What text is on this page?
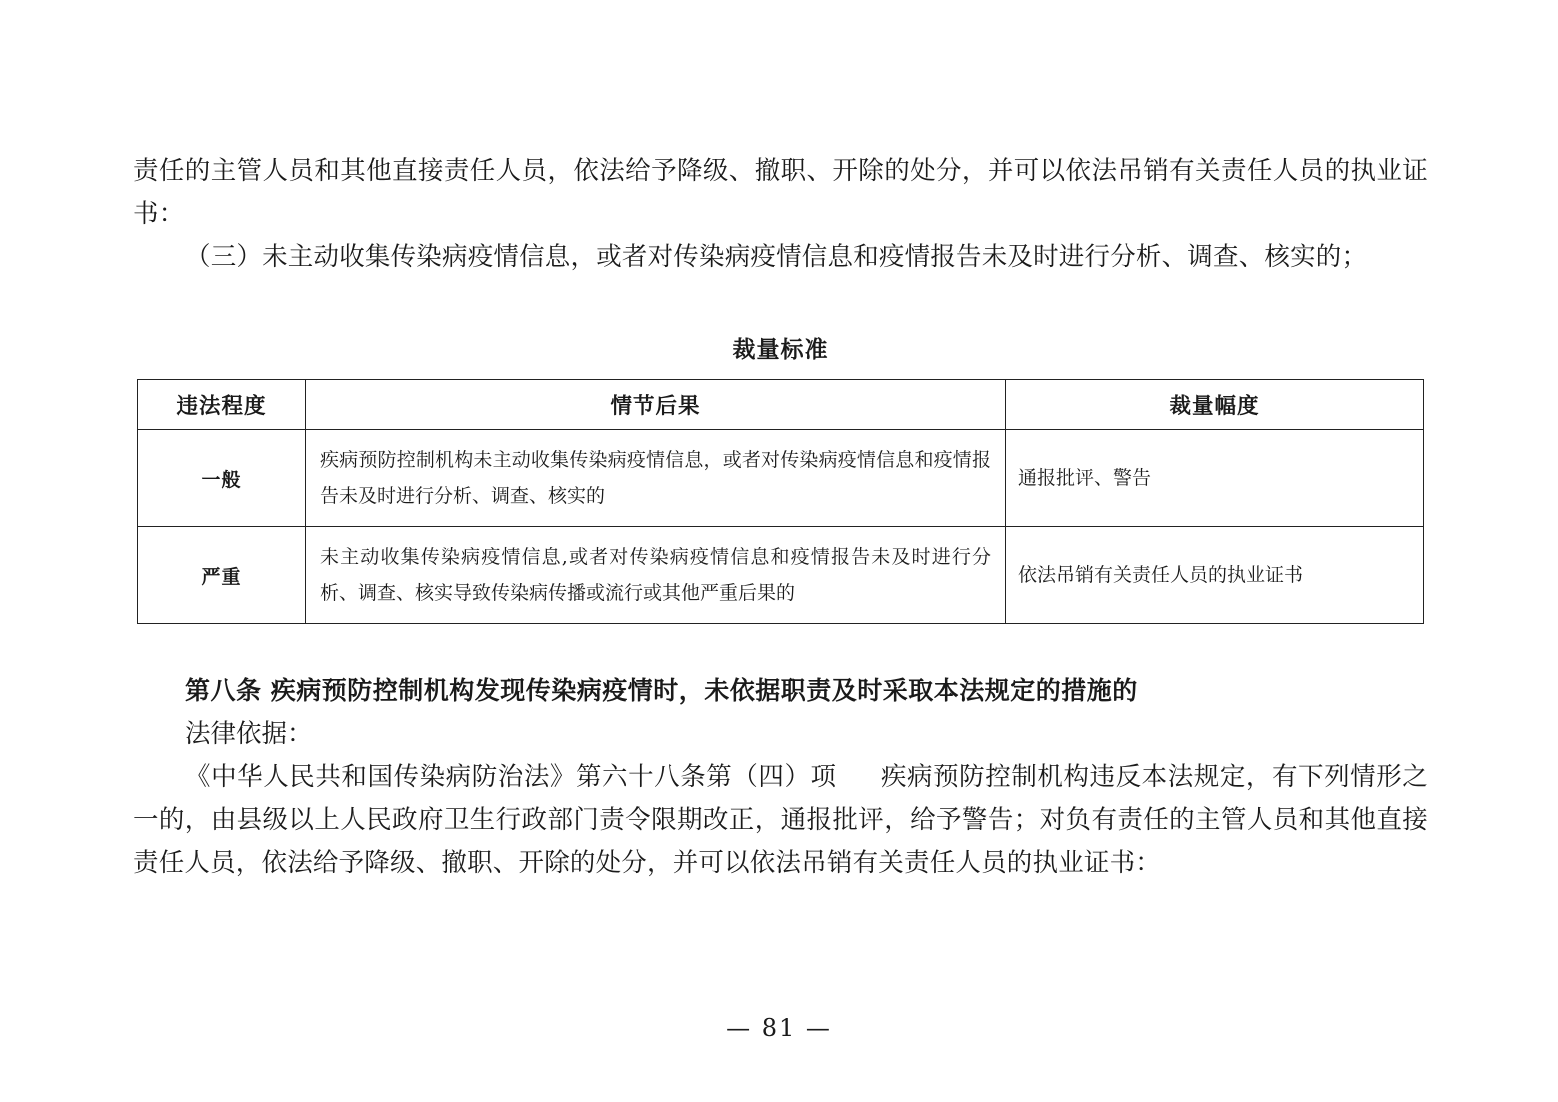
责任的主管人员和其他直接责任人员，依法给予降级、撤职、开除的处分，并可以依法吊销有关责任人员的执业证书：

（三）未主动收集传染病疫情信息，或者对传染病疫情信息和疫情报告未及时进行分析、调查、核实的；

裁量标准
违法程度	情节后果	裁量幅度
一般	疾病预防控制机构未主动收集传染病疫情信息，或者对传染病疫情信息和疫情报告未及时进行分析、调查、核实的	通报批评、警告
严重	未主动收集传染病疫情信息,或者对传染病疫情信息和疫情报告未及时进行分析、调查、核实导致传染病传播或流行或其他严重后果的	依法吊销有关责任人员的执业证书

第八条 疾病预防控制机构发现传染病疫情时，未依据职责及时采取本法规定的措施的

法律依据：

《中华人民共和国传染病防治法》第六十八条第（四）项 疾病预防控制机构违反本法规定，有下列情形之一的，由县级以上人民政府卫生行政部门责令限期改正，通报批评，给予警告；对负有责任的主管人员和其他直接责任人员，依法给予降级、撤职、开除的处分，并可以依法吊销有关责任人员的执业证书：

— 81 —
